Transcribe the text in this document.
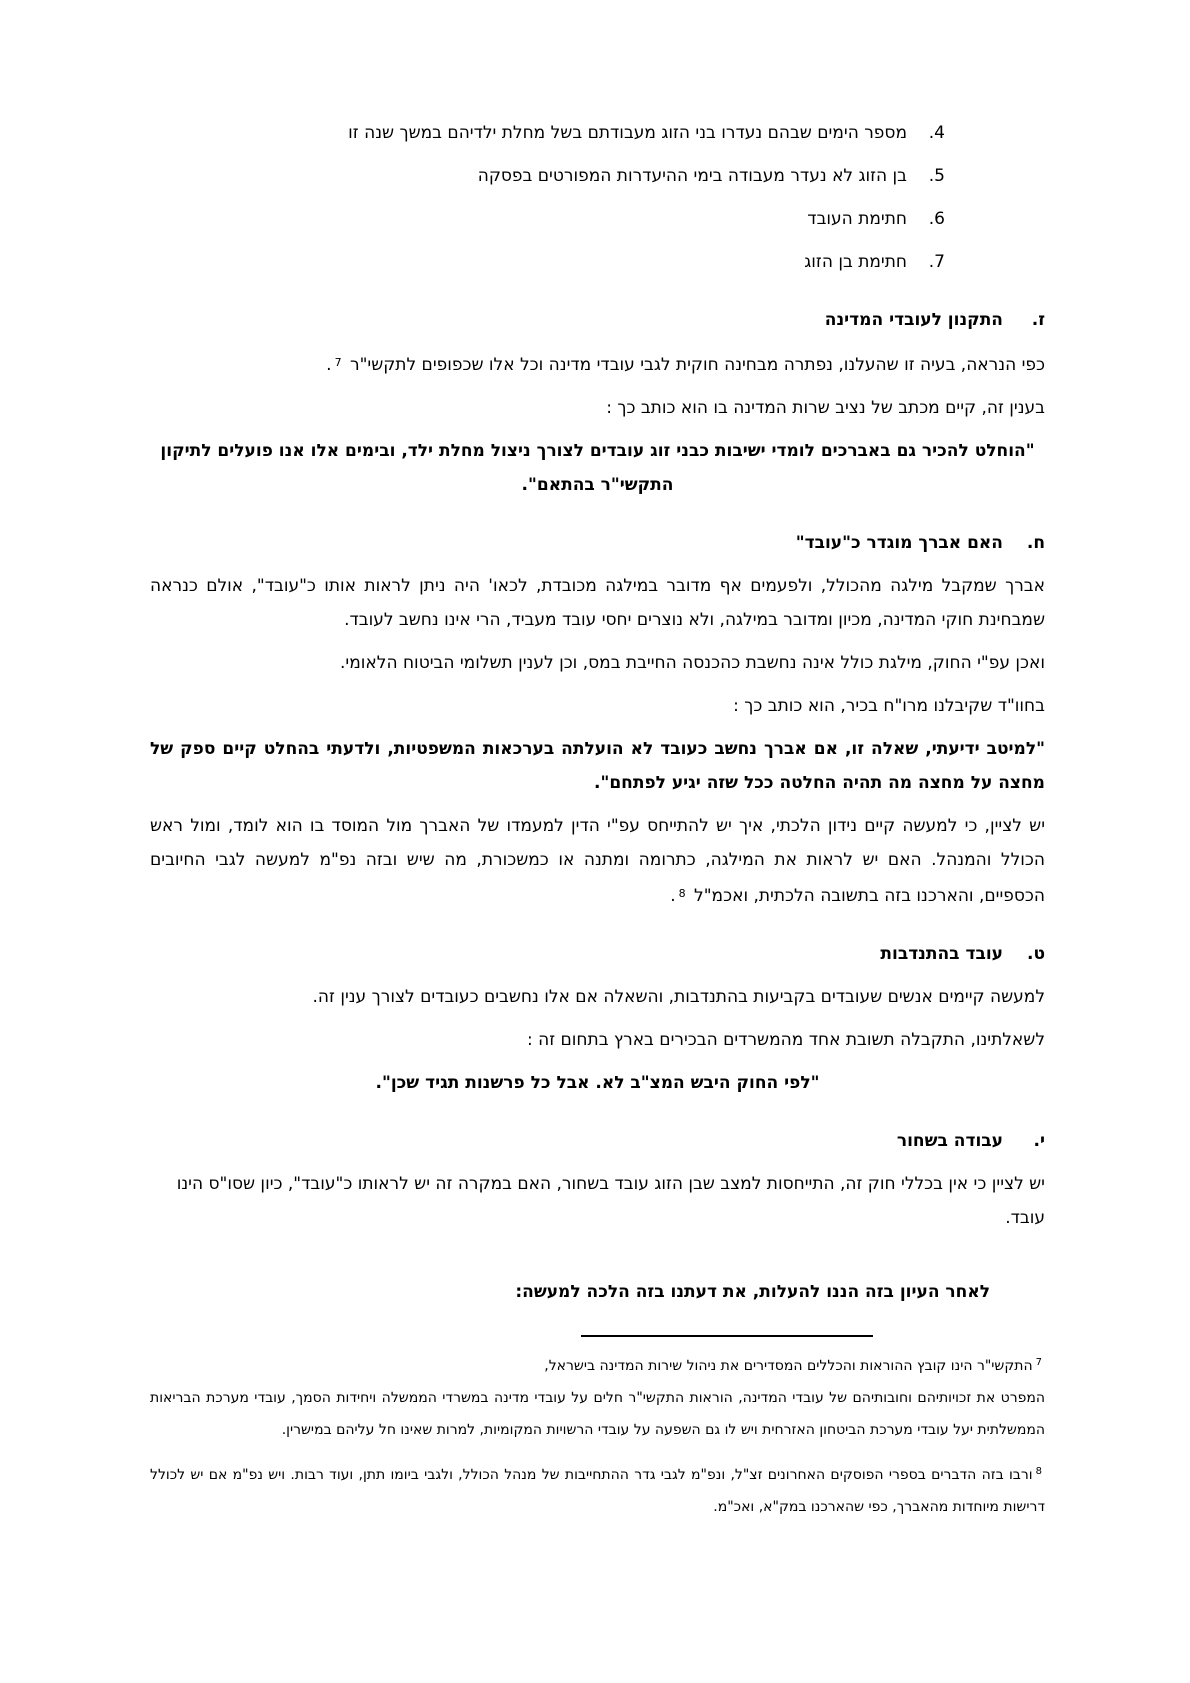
4.
מספר הימים שבהם נעדרו בני הזוג מעבודתם בשל מחלת ילדיהם במשך שנה זו
5.
בן הזוג לא נעדר מעבודה בימי ההיעדרות המפורטים בפסקה
6.
חתימת העובד
7.
חתימת בן הזוג
ז.
התקנון לעובדי המדינה

כפי הנראה, בעיה זו שהעלנו, נפתרה מבחינה חוקית לגבי עובדי מדינה וכל אלו שכפופים לתקשי"ר $^7$.

בענין זה, קיים מכתב של נציב שרות המדינה בו הוא כותב כך :

"הוחלט להכיר גם באברכים לומדי ישיבות כבני זוג עובדים לצורך ניצול מחלת ילד, ובימים אלו אנו פועלים לתיקון התקשי"ר בהתאם".

ח.
האם אברך מוגדר כ"עובד"

אברך שמקבל מילגה מהכולל, ולפעמים אף מדובר במילגה מכובדת, לכאו' היה ניתן לראות אותו כ"עובד", אולם כנראה שמבחינת חוקי המדינה, מכיון ומדובר במילגה, ולא נוצרים יחסי עובד מעביד, הרי אינו נחשב לעובד.

ואכן עפ"י החוק, מילגת כולל אינה נחשבת כהכנסה החייבת במס, וכן לענין תשלומי הביטוח הלאומי.

בחוו"ד שקיבלנו מרו"ח בכיר, הוא כותב כך :

"למיטב ידיעתי, שאלה זו, אם אברך נחשב כעובד לא הועלתה בערכאות המשפטיות, ולדעתי בהחלט קיים ספק של מחצה על מחצה מה תהיה החלטה ככל שזה יגיע לפתחם".

יש לציין, כי למעשה קיים נידון הלכתי, איך יש להתייחס עפ"י הדין למעמדו של האברך מול המוסד בו הוא לומד, ומול ראש הכולל והמנהל. האם יש לראות את המילגה, כתרומה ומתנה או כמשכורת, מה שיש ובזה נפ"מ למעשה לגבי החיובים הכספיים, והארכנו בזה בתשובה הלכתית, ואכמ"ל $^8$.

ט.
עובד בהתנדבות

למעשה קיימים אנשים שעובדים בקביעות בהתנדבות, והשאלה אם אלו נחשבים כעובדים לצורך ענין זה.

לשאלתינו, התקבלה תשובת אחד מהמשרדים הבכירים בארץ בתחום זה :

"לפי החוק היבש המצ"ב לא. אבל כל פרשנות תגיד שכן".

י.
עבודה בשחור

יש לציין כי אין בכללי חוק זה, התייחסות למצב שבן הזוג עובד בשחור, האם במקרה זה יש לראותו כ"עובד", כיון שסו"ס הינו עובד.

לאחר העיון בזה הננו להעלות, את דעתנו בזה הלכה למעשה:

$^7$התקשי"ר הינו קובץ ההוראות והכללים המסדירים את ניהול שירות המדינה בישראל,
המפרט את זכויותיהם וחובותיהם של עובדי המדינה, הוראות התקשי"ר חלים על עובדי מדינה במשרדי הממשלה ויחידות הסמך, עובדי מערכת הבריאות הממשלתית יעל עובדי מערכת הביטחון האזרחית ויש לו גם השפעה על עובדי הרשויות המקומיות, למרות שאינו חל עליהם במישרין.

$^8$ורבו בזה הדברים בספרי הפוסקים האחרונים זצ"ל, ונפ"מ לגבי גדר ההתחייבות של מנהל הכולל, ולגבי ביומו תתן, ועוד רבות. ויש נפ"מ אם יש לכולל דרישות מיוחדות מהאברך, כפי שהארכנו במק"א, ואכ"מ.
